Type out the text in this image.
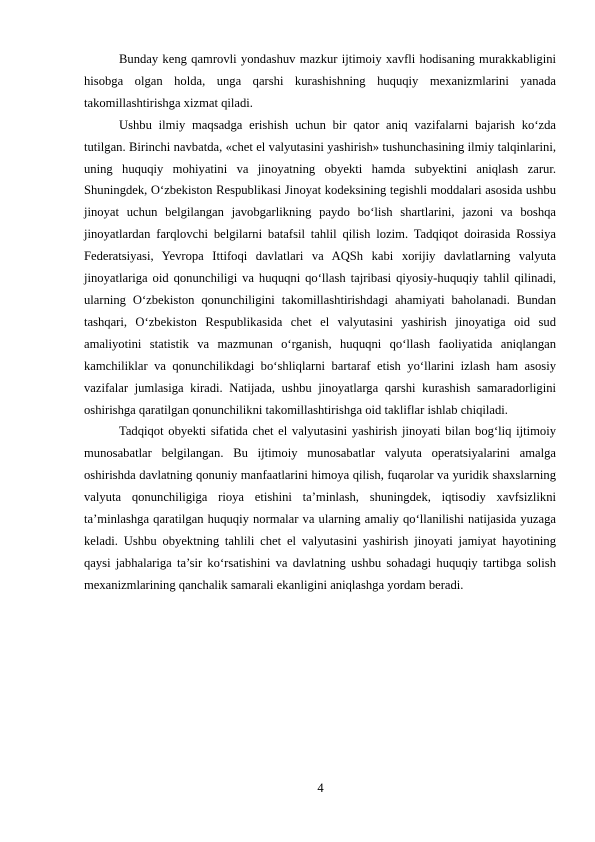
Bunday keng qamrovli yondashuv mazkur ijtimoiy xavfli hodisaning murakkabligini hisobga olgan holda, unga qarshi kurashishning huquqiy mexanizmlarini yanada takomillashtirishga xizmat qiladi.

Ushbu ilmiy maqsadga erishish uchun bir qator aniq vazifalarni bajarish ko‘zda tutilgan. Birinchi navbatda, «chet el valyutasini yashirish» tushunchasining ilmiy talqinlarini, uning huquqiy mohiyatini va jinoyatning obyekti hamda subyektini aniqlash zarur. Shuningdek, O‘zbekiston Respublikasi Jinoyat kodeksining tegishli moddalari asosida ushbu jinoyat uchun belgilangan javobgarlikning paydo bo‘lish shartlarini, jazoni va boshqa jinoyatlardan farqlovchi belgilarni batafsil tahlil qilish lozim. Tadqiqot doirasida Rossiya Federatsiyasi, Yevropa Ittifoqi davlatlari va AQSh kabi xorijiy davlatlarning valyuta jinoyatlariga oid qonunchiligi va huquqni qo‘llash tajribasi qiyosiy-huquqiy tahlil qilinadi, ularning O‘zbekiston qonunchiligini takomillashtirishdagi ahamiyati baholanadi. Bundan tashqari, O‘zbekiston Respublikasida chet el valyutasini yashirish jinoyatiga oid sud amaliyotini statistik va mazmunan o‘rganish, huquqni qo‘llash faoliyatida aniqlangan kamchiliklar va qonunchilikdagi bo‘shliqlarni bartaraf etish yo‘llarini izlash ham asosiy vazifalar jumlasiga kiradi. Natijada, ushbu jinoyatlarga qarshi kurashish samaradorligini oshirishga qaratilgan qonunchilikni takomillashtirishga oid takliflar ishlab chiqiladi.

Tadqiqot obyekti sifatida chet el valyutasini yashirish jinoyati bilan bog‘liq ijtimoiy munosabatlar belgilangan. Bu ijtimoiy munosabatlar valyuta operatsiyalarini amalga oshirishda davlatning qonuniy manfaatlarini himoya qilish, fuqarolar va yuridik shaxslarning valyuta qonunchiligiga rioya etishini ta’minlash, shuningdek, iqtisodiy xavfsizlikni ta’minlashga qaratilgan huquqiy normalar va ularning amaliy qo‘llanilishi natijasida yuzaga keladi. Ushbu obyektning tahlili chet el valyutasini yashirish jinoyati jamiyat hayotining qaysi jabhalariga ta’sir ko‘rsatishini va davlatning ushbu sohadagi huquqiy tartibga solish mexanizmlarining qanchalik samarali ekanligini aniqlashga yordam beradi.

4
